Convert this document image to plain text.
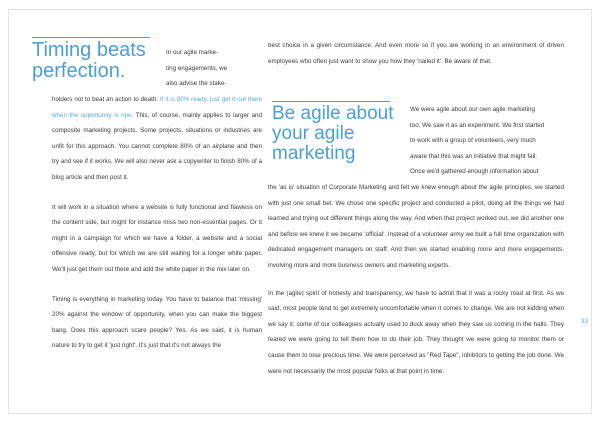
Timing beats
perfection.
In our agile marke-
ting engagements, we
also advise the stake-

holders not to beat an action to death. If it is 80% ready, just get it out there when the opportunity is ripe. This, of course, mainly applies to larger and composite marketing projects. Some projects, situations or industries are unfit for this approach. You cannot complete 80% of an airplane and then try and see if it works. We will also never ask a copywriter to finish 80% of a blog article and then post it.

It will work in a situation where a website is fully functional and flawless on the content side, but might for instance miss two non-essential pages. Or it might in a campaign for which we have a folder, a website and a social offensive ready, but for which we are still waiting for a longer white paper. We'll just get them out there and add the white paper in the mix later on.

Timing is everything in marketing today. You have to balance that 'missing' 20% against the window of opportunity, when you can make the biggest bang. Does this approach scare people? Yes. As we said, it is human nature to try to get it 'just right'. It's just that it's not always the

best choice in a given circumstance. And even more so if you are working in an environment of driven employees who often just want to show you how they 'nailed it'. Be aware of that.

Be agile about
your agile
marketing
We were agile about our own agile marketing
too. We saw it as an experiment. We first started
to work with a group of volunteers, very much
aware that this was an initiative that might fail.
Once we'd gathered enough information about

the 'as is' situation of Corporate Marketing and felt we knew enough about the agile principles, we started with just one small bet. We chose one specific project and conducted a pilot, doing all the things we had learned and trying out different things along the way. And when that project worked out, we did another one and before we knew it we became 'official'. Instead of a volunteer army we built a full time organization with dedicated engagement managers on staff. And then we started enabling more and more engagements, involving more and more business owners and marketing experts.

In the (agile) spirit of honesty and transparency, we have to admit that it was a rocky road at first. As we said, most people tend to get extremely uncomfortable when it comes to change. We are not kidding when we say it: some of our colleagues actually used to duck away when they saw us coming in the halls. They feared we were going to tell them how to do their job. They thought we were going to monitor them or cause them to lose precious time. We were perceived as "Red Tape", inhibitors to getting the job done. We were not necessarily the most popular folks at that point in time.

33
